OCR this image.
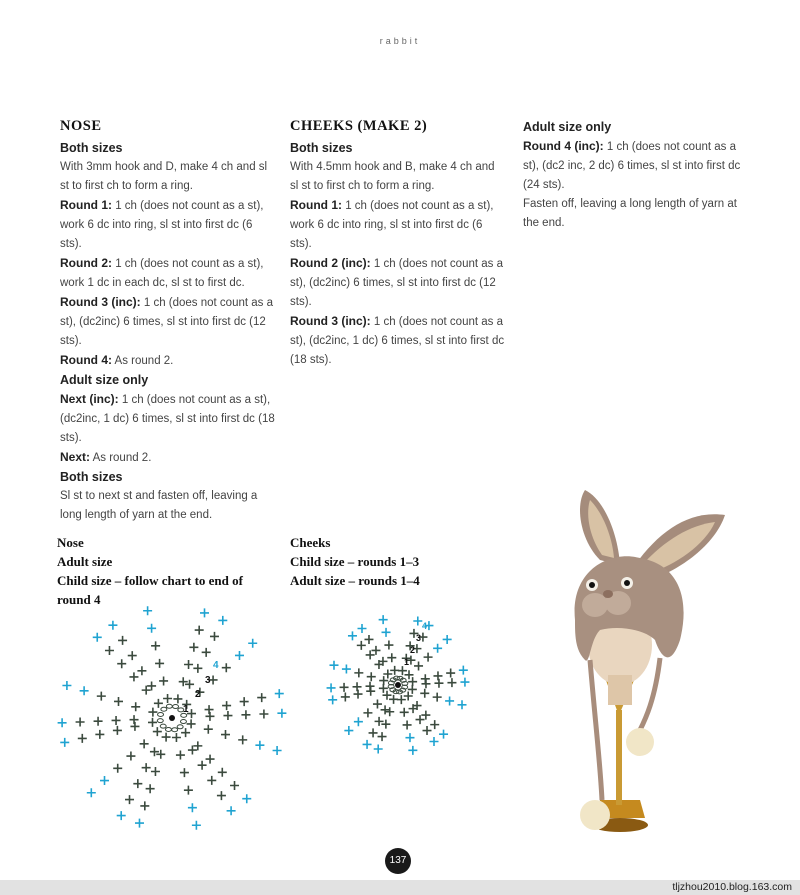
rabbit
NOSE
Both sizes
With 3mm hook and D, make 4 ch and sl st to first ch to form a ring.
Round 1: 1 ch (does not count as a st), work 6 dc into ring, sl st into first dc (6 sts).
Round 2: 1 ch (does not count as a st), work 1 dc in each dc, sl st to first dc.
Round 3 (inc): 1 ch (does not count as a st), (dc2inc) 6 times, sl st into first dc (12 sts).
Round 4: As round 2.
Adult size only
Next (inc): 1 ch (does not count as a st), (dc2inc, 1 dc) 6 times, sl st into first dc (18 sts).
Next: As round 2.
Both sizes
Sl st to next st and fasten off, leaving a long length of yarn at the end.
CHEEKS (MAKE 2)
Both sizes
With 4.5mm hook and B, make 4 ch and sl st to first ch to form a ring.
Round 1: 1 ch (does not count as a st), work 6 dc into ring, sl st into first dc (6 sts).
Round 2 (inc): 1 ch (does not count as a st), (dc2inc) 6 times, sl st into first dc (12 sts).
Round 3 (inc): 1 ch (does not count as a st), (dc2inc, 1 dc) 6 times, sl st into first dc (18 sts).
Adult size only
Round 4 (inc): 1 ch (does not count as a st), (dc2 inc, 2 dc) 6 times, sl st into first dc (24 sts).
Fasten off, leaving a long length of yarn at the end.
Nose
Adult size
Child size – follow chart to end of round 4
Cheeks
Child size – rounds 1–3
Adult size – rounds 1–4
1
2
3
4	1
2
3
4
137
tljzhou2010.blog.163.com
